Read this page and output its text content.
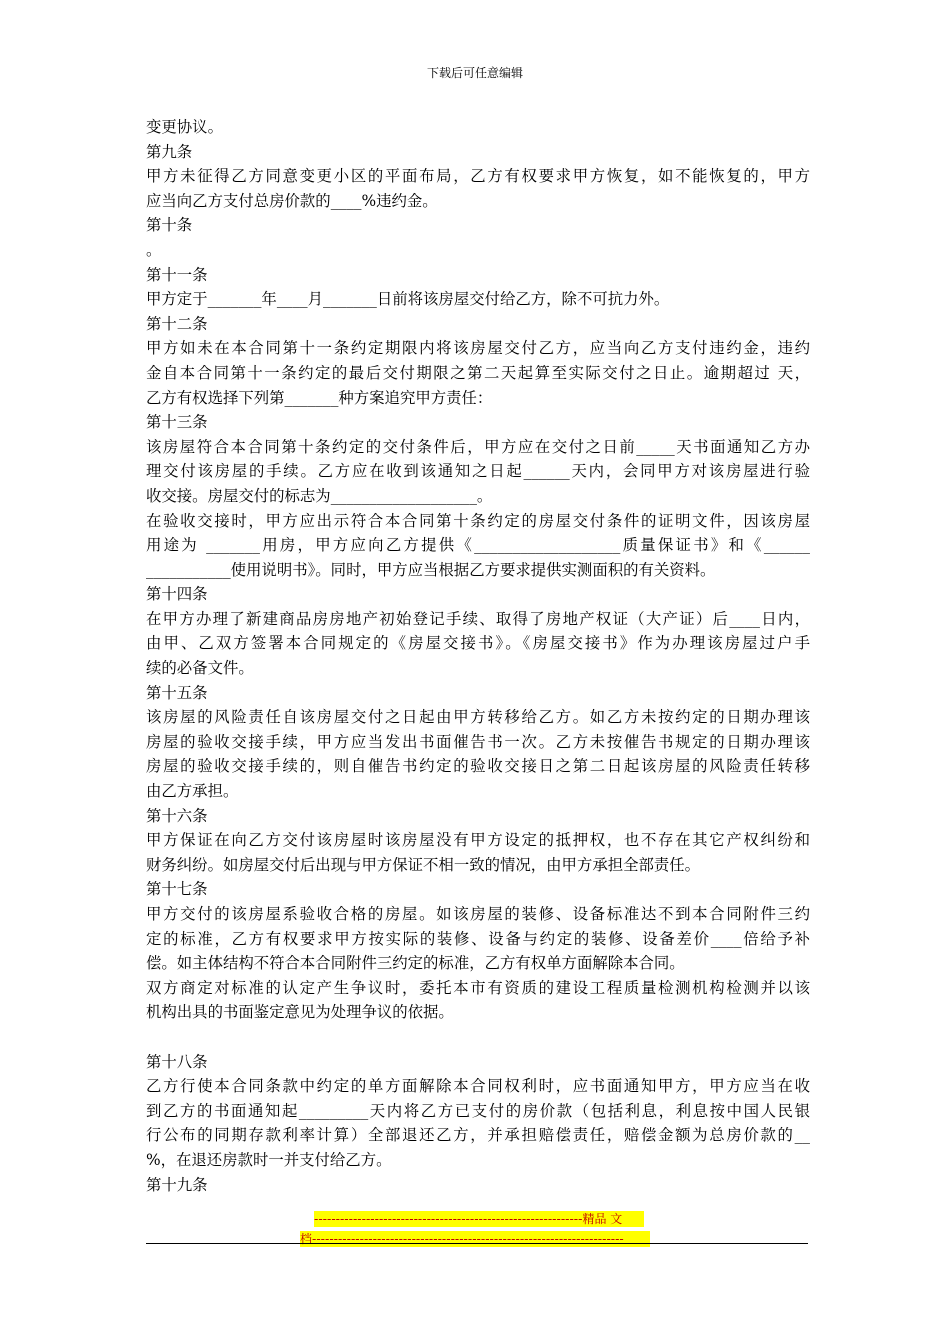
下载后可任意编辑
变更协议。
第九条
甲方未征得乙方同意变更小区的平面布局，乙方有权要求甲方恢复，如不能恢复的，甲方
应当向乙方支付总房价款的____%违约金。
第十条
。
第十一条
甲方定于_______年____月_______日前将该房屋交付给乙方，除不可抗力外。
第十二条
甲方如未在本合同第十一条约定期限内将该房屋交付乙方，应当向乙方支付违约金，违约
金自本合同第十一条约定的最后交付期限之第二天起算至实际交付之日止。逾期超过 天，
乙方有权选择下列第_______种方案追究甲方责任：
第十三条
该房屋符合本合同第十条约定的交付条件后，甲方应在交付之日前_____天书面通知乙方办
理交付该房屋的手续。乙方应在收到该通知之日起______天内，会同甲方对该房屋进行验
收交接。房屋交付的标志为___________________。
在验收交接时，甲方应出示符合本合同第十条约定的房屋交付条件的证明文件，因该房屋
用途为 _______用房，甲方应向乙方提供《___________________质量保证书》和《______
___________使用说明书》。同时，甲方应当根据乙方要求提供实测面积的有关资料。
第十四条
在甲方办理了新建商品房房地产初始登记手续、取得了房地产权证（大产证）后____日内，
由甲、乙双方签署本合同规定的《房屋交接书》。《房屋交接书》作为办理该房屋过户手
续的必备文件。
第十五条
该房屋的风险责任自该房屋交付之日起由甲方转移给乙方。如乙方未按约定的日期办理该
房屋的验收交接手续，甲方应当发出书面催告书一次。乙方未按催告书规定的日期办理该
房屋的验收交接手续的，则自催告书约定的验收交接日之第二日起该房屋的风险责任转移
由乙方承担。
第十六条
甲方保证在向乙方交付该房屋时该房屋没有甲方设定的抵押权，也不存在其它产权纠纷和
财务纠纷。如房屋交付后出现与甲方保证不相一致的情况，由甲方承担全部责任。
第十七条
甲方交付的该房屋系验收合格的房屋。如该房屋的装修、设备标准达不到本合同附件三约
定的标准，乙方有权要求甲方按实际的装修、设备与约定的装修、设备差价____倍给予补
偿。如主体结构不符合本合同附件三约定的标准，乙方有权单方面解除本合同。
双方商定对标准的认定产生争议时，委托本市有资质的建设工程质量检测机构检测并以该
机构出具的书面鉴定意见为处理争议的依据。
第十八条
乙方行使本合同条款中约定的单方面解除本合同权利时，应书面通知甲方，甲方应当在收
到乙方的书面通知起_________天内将乙方已支付的房价款（包括利息，利息按中国人民银
行公布的同期存款利率计算）全部退还乙方，并承担赔偿责任，赔偿金额为总房价款的__
%，在退还房款时一并支付给乙方。
第十九条
--------------------------------------------------------------精品 文
档------------------------------------------------------------------------
